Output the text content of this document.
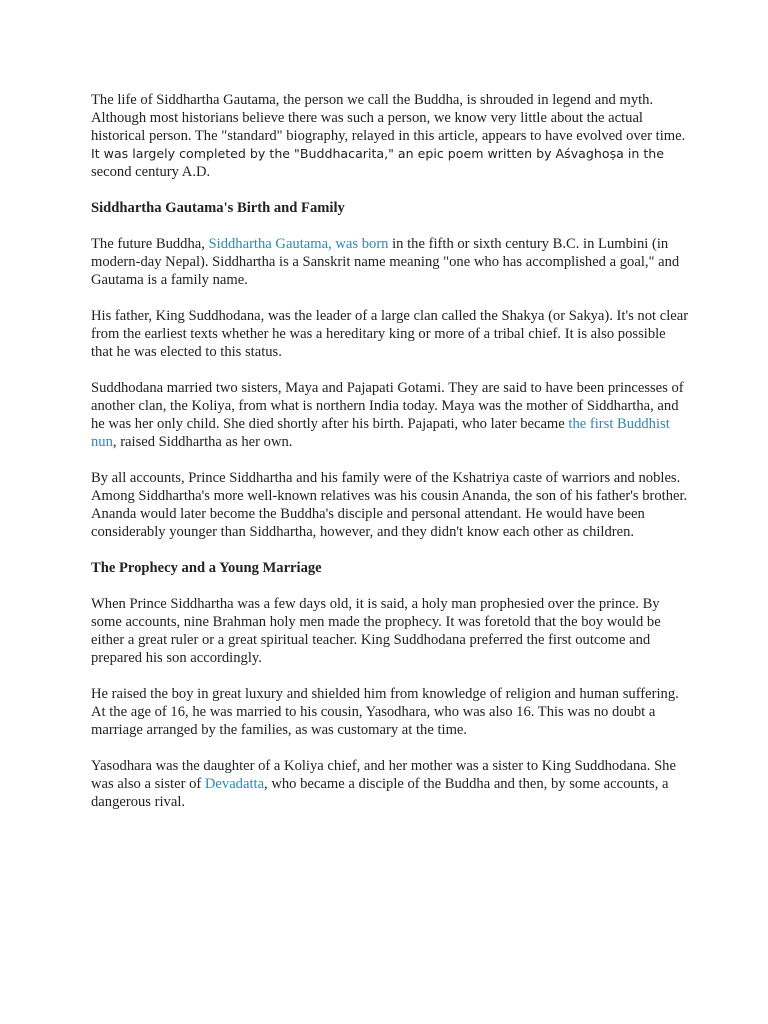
The life of Siddhartha Gautama, the person we call the Buddha, is shrouded in legend and myth. Although most historians believe there was such a person, we know very little about the actual historical person. The "standard" biography, relayed in this article, appears to have evolved over time. It was largely completed by the "Buddhacarita," an epic poem written by Aśvaghoṣa in the second century A.D.

Siddhartha Gautama's Birth and Family

The future Buddha, Siddhartha Gautama, was born in the fifth or sixth century B.C. in Lumbini (in modern-day Nepal). Siddhartha is a Sanskrit name meaning "one who has accomplished a goal," and Gautama is a family name.

His father, King Suddhodana, was the leader of a large clan called the Shakya (or Sakya). It's not clear from the earliest texts whether he was a hereditary king or more of a tribal chief. It is also possible that he was elected to this status.

Suddhodana married two sisters, Maya and Pajapati Gotami. They are said to have been princesses of another clan, the Koliya, from what is northern India today. Maya was the mother of Siddhartha, and he was her only child. She died shortly after his birth. Pajapati, who later became the first Buddhist nun, raised Siddhartha as her own.

By all accounts, Prince Siddhartha and his family were of the Kshatriya caste of warriors and nobles. Among Siddhartha's more well-known relatives was his cousin Ananda, the son of his father's brother. Ananda would later become the Buddha's disciple and personal attendant. He would have been considerably younger than Siddhartha, however, and they didn't know each other as children.

The Prophecy and a Young Marriage

When Prince Siddhartha was a few days old, it is said, a holy man prophesied over the prince. By some accounts, nine Brahman holy men made the prophecy. It was foretold that the boy would be either a great ruler or a great spiritual teacher. King Suddhodana preferred the first outcome and prepared his son accordingly.

He raised the boy in great luxury and shielded him from knowledge of religion and human suffering. At the age of 16, he was married to his cousin, Yasodhara, who was also 16. This was no doubt a marriage arranged by the families, as was customary at the time.

Yasodhara was the daughter of a Koliya chief, and her mother was a sister to King Suddhodana. She was also a sister of Devadatta, who became a disciple of the Buddha and then, by some accounts, a dangerous rival.
